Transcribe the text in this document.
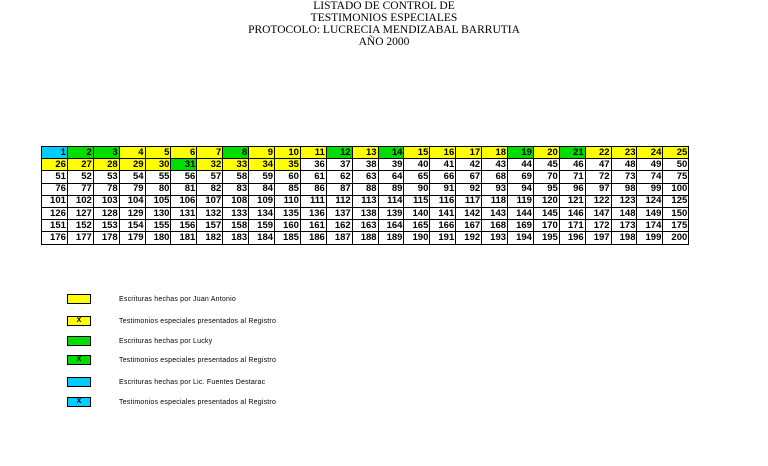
LISTADO DE CONTROL DE
TESTIMONIOS ESPECIALES
PROTOCOLO: LUCRECIA MENDIZABAL BARRUTIA
AÑO 2000
1	2	3	4	5	6	7	8	9	10	11	12	13	14	15	16	17	18	19	20	21	22	23	24	25
26	27	28	29	30	31	32	33	34	35	36	37	38	39	40	41	42	43	44	45	46	47	48	49	50
51	52	53	54	55	56	57	58	59	60	61	62	63	64	65	66	67	68	69	70	71	72	73	74	75
76	77	78	79	80	81	82	83	84	85	86	87	88	89	90	91	92	93	94	95	96	97	98	99	100
101	102	103	104	105	106	107	108	109	110	111	112	113	114	115	116	117	118	119	120	121	122	123	124	125
126	127	128	129	130	131	132	133	134	135	136	137	138	139	140	141	142	143	144	145	146	147	148	149	150
151	152	153	154	155	156	157	158	159	160	161	162	163	164	165	166	167	168	169	170	171	172	173	174	175
176	177	178	179	180	181	182	183	184	185	186	187	188	189	190	191	192	193	194	195	196	197	198	199	200
Escrituras hechas por Juan Antonio
X	Testimonios especiales presentados al Registro
Escrituras hechas por Lucky
X	Testimonios especiales presentados al Registro
Escrituras hechas por Lic. Fuentes Destarac
X	Testimonios especiales presentados al Registro
